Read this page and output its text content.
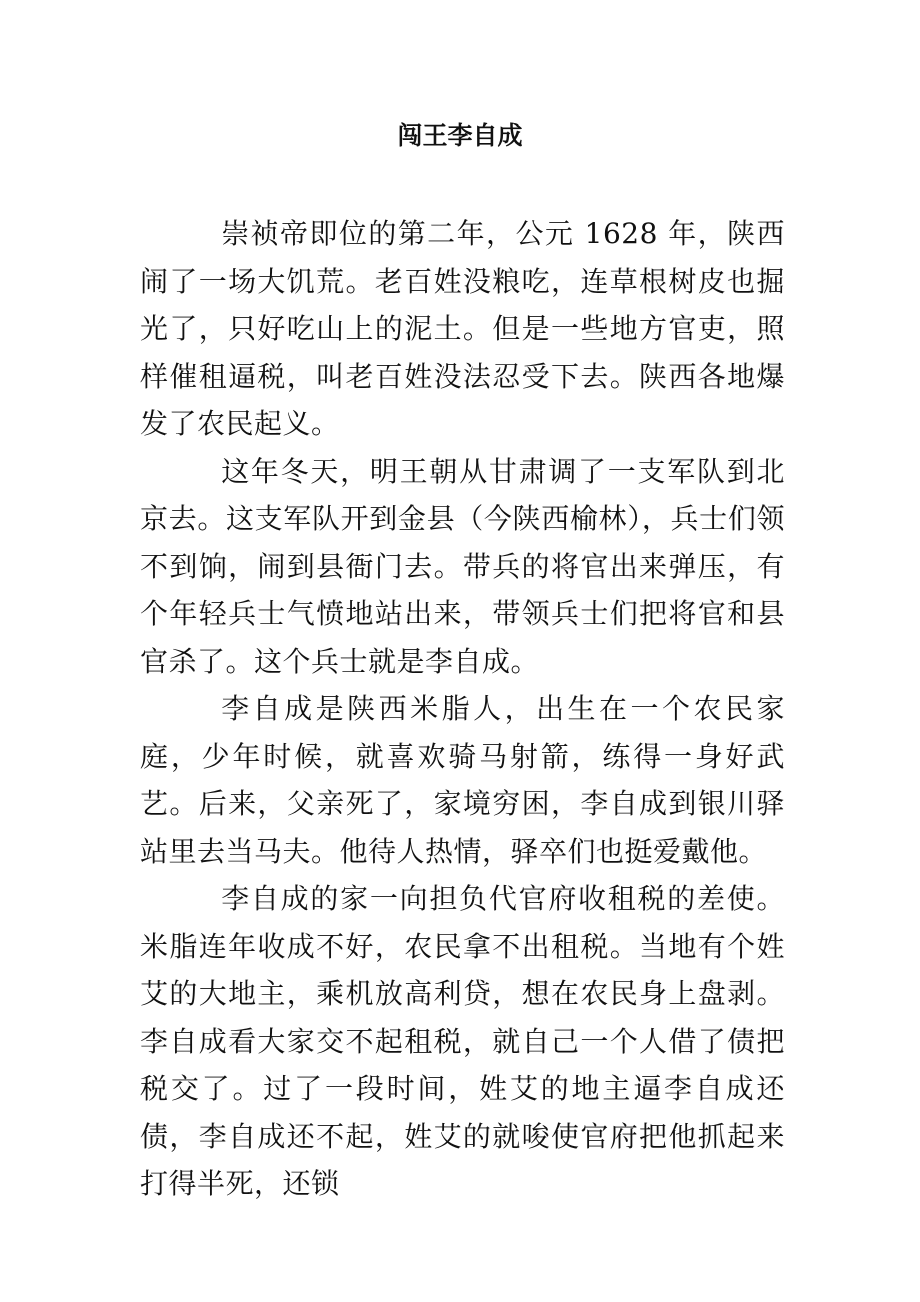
闯王李自成

崇祯帝即位的第二年，公元 1628 年，陕西闹了一场大饥荒。老百姓没粮吃，连草根树皮也掘光了，只好吃山上的泥土。但是一些地方官吏，照样催租逼税，叫老百姓没法忍受下去。陕西各地爆发了农民起义。

这年冬天，明王朝从甘肃调了一支军队到北京去。这支军队开到金县（今陕西榆林），兵士们领不到饷，闹到县衙门去。带兵的将官出来弹压，有个年轻兵士气愤地站出来，带领兵士们把将官和县官杀了。这个兵士就是李自成。

李自成是陕西米脂人，出生在一个农民家庭，少年时候，就喜欢骑马射箭，练得一身好武艺。后来，父亲死了，家境穷困，李自成到银川驿站里去当马夫。他待人热情，驿卒们也挺爱戴他。

李自成的家一向担负代官府收租税的差使。米脂连年收成不好，农民拿不出租税。当地有个姓艾的大地主，乘机放高利贷，想在农民身上盘剥。李自成看大家交不起租税，就自己一个人借了债把税交了。过了一段时间，姓艾的地主逼李自成还债，李自成还不起，姓艾的就唆使官府把他抓起来打得半死，还锁
